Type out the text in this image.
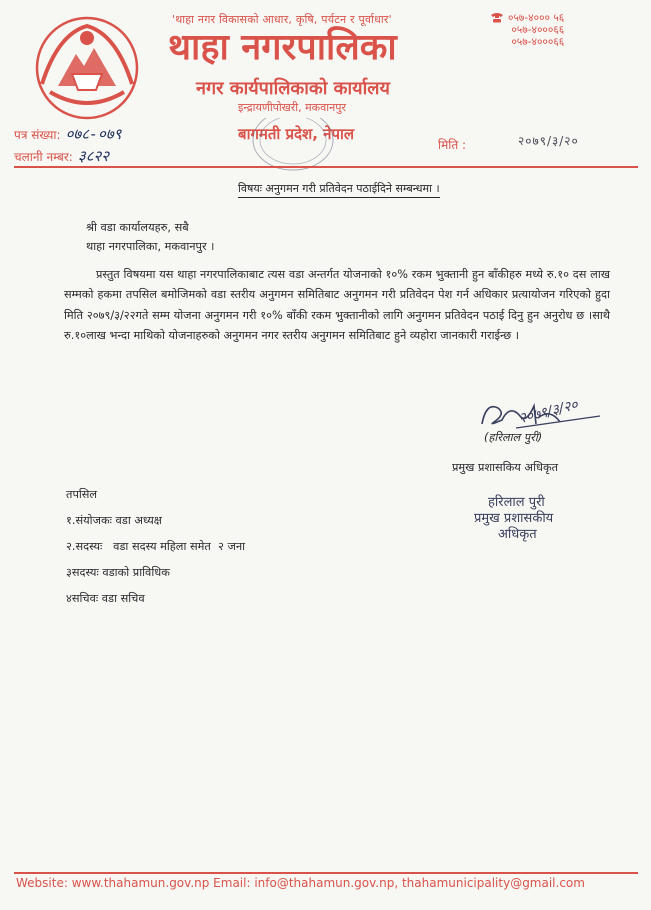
'थाहा नगर विकासको आधार, कृषि, पर्यटन र पूर्वाधार'
थाहा नगरपालिका
नगर कार्यपालिकाको कार्यालय
इन्द्रायणीपोखरी, मकवानपुर
बागमती प्रदेश, नेपाल
०५७-४००० ५६
०५७-४०००६६
०५७-४०००६६
पत्र संख्या: ०७८-०७९
चलानी नम्बर: ३८२२
मिति :	२०७९/३/२०
विषयः अनुगमन गरी प्रतिवेदन पठाईदिने सम्बन्धमा ।
श्री वडा कार्यालयहरु, सबै
थाहा नगरपालिका, मकवानपुर ।
प्रस्तुत विषयमा यस थाहा नगरपालिकाबाट त्यस वडा अन्तर्गत योजनाको १०% रकम भुक्तानी हुन बाँकीहरु मध्ये रु.१० दस लाख सम्मको हकमा तपसिल बमोजिमको वडा स्तरीय अनुगमन समितिबाट अनुगमन गरी प्रतिवेदन पेश गर्न अधिकार प्रत्यायोजन गरिएको हुदा मिति २०७९/३/२२गते सम्म योजना अनुगमन गरी १०% बाँकी रकम भुक्तानीको लागि अनुगमन प्रतिवेदन पठाई दिनु हुन अनुरोध छ ।साथै रु.१०लाख भन्दा माथिको योजनाहरुको अनुगमन नगर स्तरीय अनुगमन समितिबाट हुने व्यहोरा जानकारी गराईन्छ ।
२०७९/३/२०
(हरिलाल पुरी)
प्रमुख प्रशासकिय अधिकृत
हरिलाल पुरी
प्रमुख प्रशासकीय
अधिकृत
तपसिल
१.संयोजकः वडा अध्यक्ष
२.सदस्यः   वडा सदस्य महिला समेत  २ जना
३सदस्यः वडाको प्राविधिक
४सचिवः वडा सचिव
Website: www.thahamun.gov.np Email: info@thahamun.gov.np, thahamunicipality@gmail.com
